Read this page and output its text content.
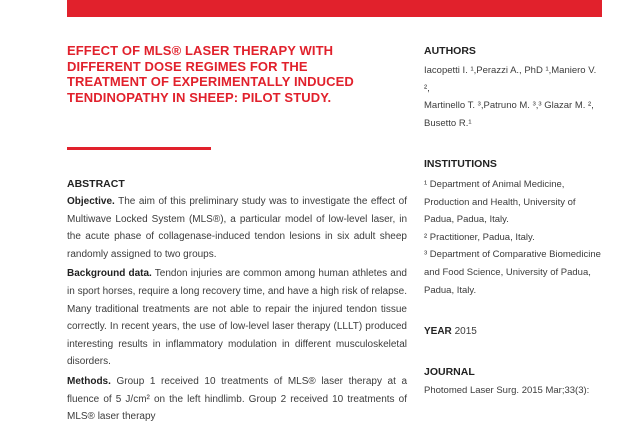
EFFECT OF MLS® LASER THERAPY WITH DIFFERENT DOSE REGIMES FOR THE TREATMENT OF EXPERIMENTALLY INDUCED TENDINOPATHY IN SHEEP: PILOT STUDY.
ABSTRACT

Objective. The aim of this preliminary study was to investigate the effect of Multiwave Locked System (MLS®), a particular model of low-level laser, in the acute phase of collagenase-induced tendon lesions in six adult sheep randomly assigned to two groups.

Background data. Tendon injuries are common among human athletes and in sport horses, require a long recovery time, and have a high risk of relapse. Many traditional treatments are not able to repair the injured tendon tissue correctly. In recent years, the use of low-level laser therapy (LLLT) produced interesting results in inflammatory modulation in different musculoskeletal disorders.

Methods. Group 1 received 10 treatments of MLS® laser therapy at a fluence of 5 J/cm² on the left hindlimb. Group 2 received 10 treatments of MLS® laser therapy

AUTHORS
Iacopetti I. ¹,Perazzi A., PhD ¹,Maniero V. ²,
Martinello T. ³,Patruno M. ³,³ Glazar M. ²,
Busetto R.¹
INSTITUTIONS

¹ Department of Animal Medicine,

Production and Health, University of

Padua, Padua, Italy.

² Practitioner, Padua, Italy.

³ Department of Comparative Biomedicine

and Food Science, University of Padua,

Padua, Italy.

YEAR 2015
JOURNAL
Photomed Laser Surg. 2015 Mar;33(3):
